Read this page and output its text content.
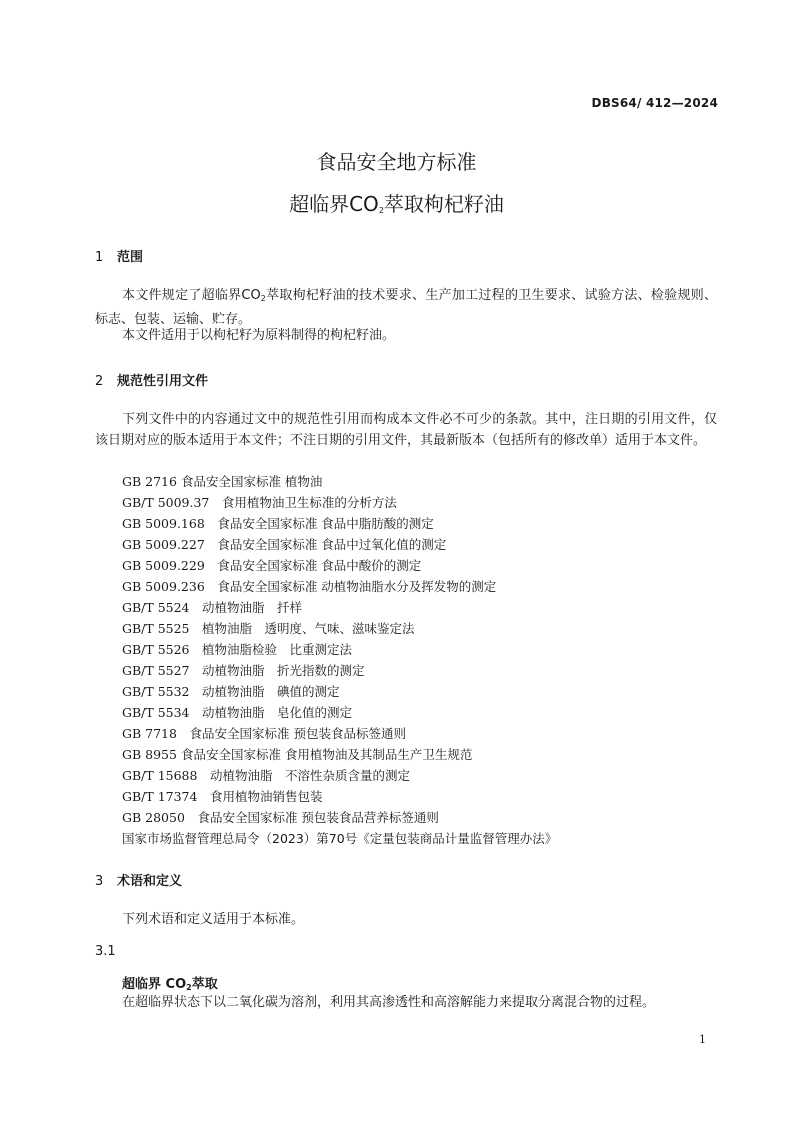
DBS64/ 412—2024
食品安全地方标准
超临界$CO_2$萃取枸杞籽油
1 范围
本文件规定了超临界$CO_2$萃取枸杞籽油的技术要求、生产加工过程的卫生要求、试验方法、检验规则、标志、包装、运输、贮存。
本文件适用于以枸杞籽为原料制得的枸杞籽油。
2 规范性引用文件
下列文件中的内容通过文中的规范性引用而构成本文件必不可少的条款。其中，注日期的引用文件，仅该日期对应的版本适用于本文件；不注日期的引用文件，其最新版本（包括所有的修改单）适用于本文件。
GB 2716 食品安全国家标准 植物油
GB/T 5009.37　 食用植物油卫生标准的分析方法
GB 5009.168　 食品安全国家标准 食品中脂肪酸的测定
GB 5009.227　 食品安全国家标准 食品中过氧化值的测定
GB 5009.229　 食品安全国家标准 食品中酸价的测定
GB 5009.236　 食品安全国家标准 动植物油脂水分及挥发物的测定
GB/T 5524　 动植物油脂　扦样
GB/T 5525　 植物油脂　透明度、气味、滋味鉴定法
GB/T 5526　 植物油脂检验　比重测定法
GB/T 5527　 动植物油脂　折光指数的测定
GB/T 5532　 动植物油脂　碘值的测定
GB/T 5534　 动植物油脂　皂化值的测定
GB 7718　 食品安全国家标准 预包装食品标签通则
GB 8955 食品安全国家标准 食用植物油及其制品生产卫生规范
GB/T 15688　 动植物油脂　不溶性杂质含量的测定
GB/T 17374　 食用植物油销售包装
GB 28050　 食品安全国家标准 预包装食品营养标签通则
国家市场监督管理总局令（2023）第70号《定量包装商品计量监督管理办法》
3 术语和定义
下列术语和定义适用于本标准。
3.1
超临界 $CO_2$萃取
在超临界状态下以二氧化碳为溶剂，利用其高渗透性和高溶解能力来提取分离混合物的过程。
1
